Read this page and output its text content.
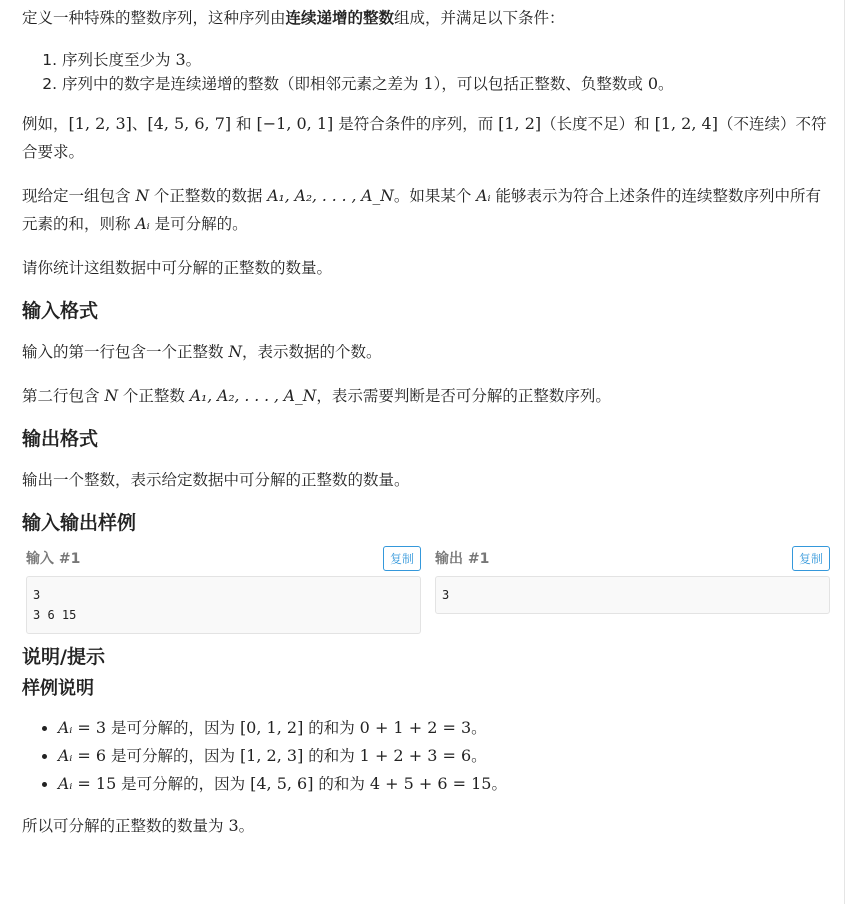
定义一种特殊的整数序列，这种序列由连续递增的整数组成，并满足以下条件：

1. 序列长度至少为 3。
2. 序列中的数字是连续递增的整数（即相邻元素之差为 1），可以包括正整数、负整数或 0。

例如，[1, 2, 3]、[4, 5, 6, 7] 和 [−1, 0, 1] 是符合条件的序列，而 [1, 2]（长度不足）和 [1, 2, 4]（不连续）不符合要求。

现给定一组包含 N 个正整数的数据 A₁, A₂, . . . , A_N。如果某个 Aᵢ 能够表示为符合上述条件的连续整数序列中所有元素的和，则称 Aᵢ 是可分解的。

请你统计这组数据中可分解的正整数的数量。

输入格式

输入的第一行包含一个正整数 N，表示数据的个数。

第二行包含 N 个正整数 A₁, A₂, . . . , A_N，表示需要判断是否可分解的正整数序列。

输出格式

输出一个整数，表示给定数据中可分解的正整数的数量。

输入输出样例
输入 #1	复制
3
3 6 15
输出 #1	复制
3
说明/提示
样例说明
• Aᵢ = 3 是可分解的，因为 [0, 1, 2] 的和为 0 + 1 + 2 = 3。
• Aᵢ = 6 是可分解的，因为 [1, 2, 3] 的和为 1 + 2 + 3 = 6。
• Aᵢ = 15 是可分解的，因为 [4, 5, 6] 的和为 4 + 5 + 6 = 15。

所以可分解的正整数的数量为 3。
